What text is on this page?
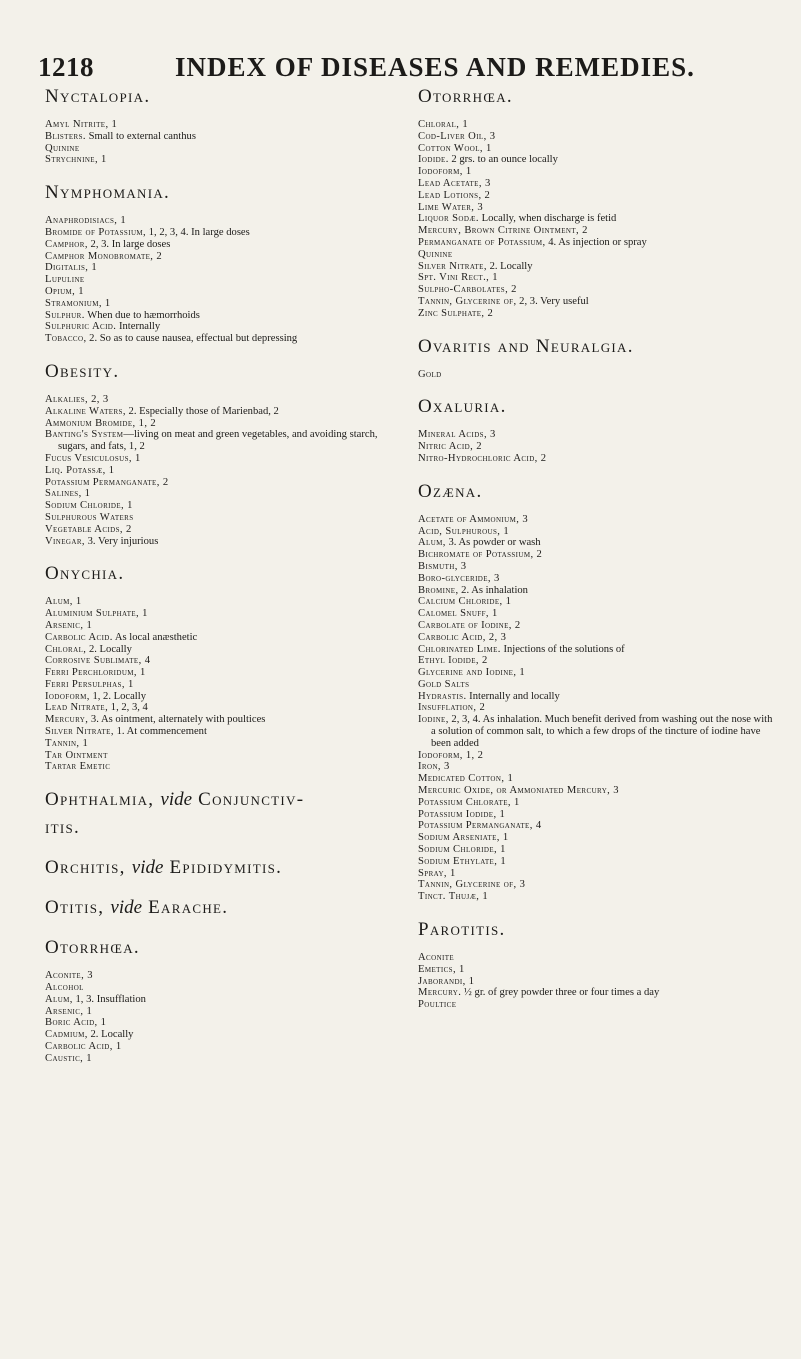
1218	INDEX OF DISEASES AND REMEDIES.
Nyctalopia.
Amyl Nitrite, 1
Blisters. Small to external canthus
Quinine
Strychnine, 1
Nymphomania.
Anaphrodisiacs, 1
Bromide of Potassium, 1, 2, 3, 4. In large doses
Camphor, 2, 3. In large doses
Camphor Monobromate, 2
Digitalis, 1
Lupuline
Opium, 1
Stramonium, 1
Sulphur. When due to hæmorrhoids
Sulphuric Acid. Internally
Tobacco, 2. So as to cause nausea, effectual but depressing
Obesity.
Alkalies, 2, 3
Alkaline Waters, 2. Especially those of Marienbad, 2
Ammonium Bromide, 1, 2
Banting's System—living on meat and green vegetables, and avoiding starch, sugars, and fats, 1, 2
Fucus Vesiculosus, 1
Liq. Potassæ, 1
Potassium Permanganate, 2
Salines, 1
Sodium Chloride, 1
Sulphurous Waters
Vegetable Acids, 2
Vinegar, 3. Very injurious
Onychia.
Alum, 1
Aluminium Sulphate, 1
Arsenic, 1
Carbolic Acid. As local anæsthetic
Chloral, 2. Locally
Corrosive Sublimate, 4
Ferri Perchloridum, 1
Ferri Persulphas, 1
Iodoform, 1, 2. Locally
Lead Nitrate, 1, 2, 3, 4
Mercury, 3. As ointment, alternately with poultices
Silver Nitrate, 1. At commencement
Tannin, 1
Tar Ointment
Tartar Emetic
Ophthalmia, vide Conjunctiv-
itis.
Orchitis, vide Epididymitis.
Otitis, vide Earache.
Otorrhœa.
Aconite, 3
Alcohol
Alum, 1, 3. Insufflation
Arsenic, 1
Boric Acid, 1
Cadmium, 2. Locally
Carbolic Acid, 1
Caustic, 1
Otorrhœa.
Chloral, 1
Cod-Liver Oil, 3
Cotton Wool, 1
Iodide. 2 grs. to an ounce locally
Iodoform, 1
Lead Acetate, 3
Lead Lotions, 2
Lime Water, 3
Liquor Sodæ. Locally, when discharge is fetid
Mercury, Brown Citrine Ointment, 2
Permanganate of Potassium, 4. As injection or spray
Quinine
Silver Nitrate, 2. Locally
Spt. Vini Rect., 1
Sulpho-Carbolates, 2
Tannin, Glycerine of, 2, 3. Very useful
Zinc Sulphate, 2
Ovaritis and Neuralgia.
Gold
Oxaluria.
Mineral Acids, 3
Nitric Acid, 2
Nitro-Hydrochloric Acid, 2
Ozæna.
Acetate of Ammonium, 3
Acid, Sulphurous, 1
Alum, 3. As powder or wash
Bichromate of Potassium, 2
Bismuth, 3
Boro-glyceride, 3
Bromine, 2. As inhalation
Calcium Chloride, 1
Calomel Snuff, 1
Carbolate of Iodine, 2
Carbolic Acid, 2, 3
Chlorinated Lime. Injections of the solutions of
Ethyl Iodide, 2
Glycerine and Iodine, 1
Gold Salts
Hydrastis. Internally and locally
Insufflation, 2
Iodine, 2, 3, 4. As inhalation. Much benefit derived from washing out the nose with a solution of common salt, to which a few drops of the tincture of iodine have been added
Iodoform, 1, 2
Iron, 3
Medicated Cotton, 1
Mercuric Oxide, or Ammoniated Mercury, 3
Potassium Chlorate, 1
Potassium Iodide, 1
Potassium Permanganate, 4
Sodium Arseniate, 1
Sodium Chloride, 1
Sodium Ethylate, 1
Spray, 1
Tannin, Glycerine of, 3
Tinct. Thujæ, 1
Parotitis.
Aconite
Emetics, 1
Jaborandi, 1
Mercury. ½ gr. of grey powder three or four times a day
Poultice
